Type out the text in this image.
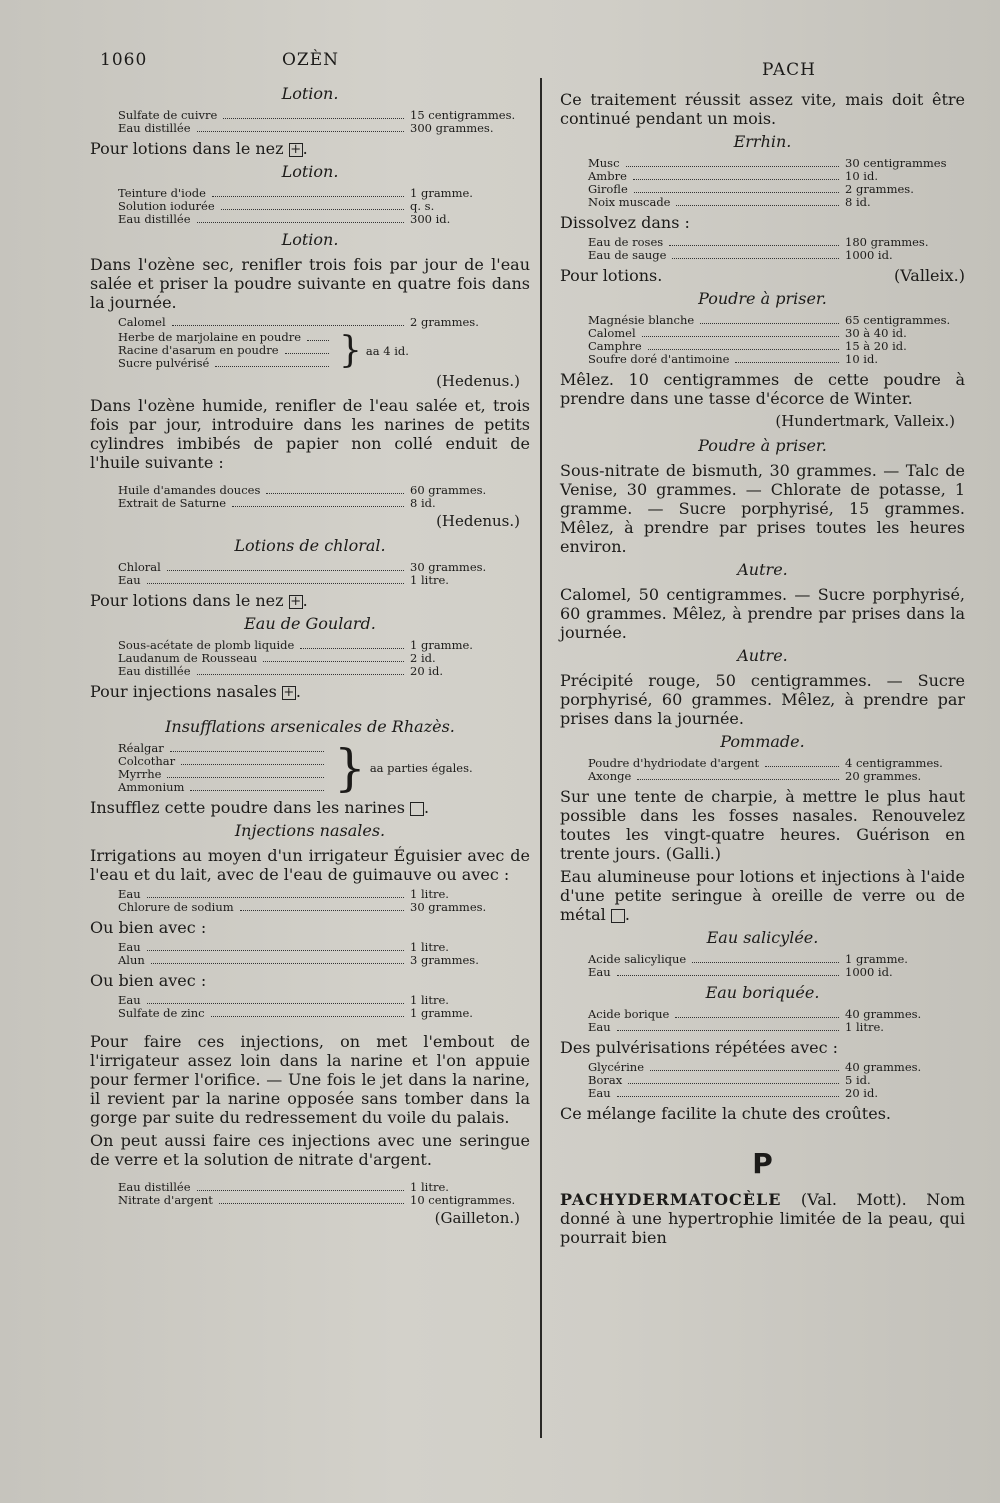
1060	OZÈN	PACH
Lotion.
Sulfate de cuivre	15 centigrammes.
Eau distillée	300 grammes.
Pour lotions dans le nez + .
Lotion.
Teinture d'iode	1 gramme.
Solution iodurée	q. s.
Eau distillée	300 id.
Lotion.
Dans l'ozène sec, renifler trois fois par jour de l'eau salée et priser la poudre suivante en quatre fois dans la journée.
Calomel	2 grammes.
Herbe de marjolaine en poudre
Racine d'asarum en poudre
Sucre pulvérisé	} aa 4 id.
(Hedenus.)
Dans l'ozène humide, renifler de l'eau salée et, trois fois par jour, introduire dans les narines de petits cylindres imbibés de papier non collé enduit de l'huile suivante :
Huile d'amandes douces	60 grammes.
Extrait de Saturne	8 id.
(Hedenus.)
Lotions de chloral.
Chloral	30 grammes.
Eau	1 litre.
Pour lotions dans le nez + .
Eau de Goulard.
Sous-acétate de plomb liquide	1 gramme.
Laudanum de Rousseau	2 id.
Eau distillée	20 id.
Pour injections nasales + .
Insufflations arsenicales de Rhazès.
Réalgar
Colcothar
Myrrhe
Ammonium	} aa parties égales.
Insufflez cette poudre dans les narines .
Injections nasales.
Irrigations au moyen d'un irrigateur Éguisier avec de l'eau et du lait, avec de l'eau de guimauve ou avec :
Eau	1 litre.
Chlorure de sodium	30 grammes.
Ou bien avec :
Eau	1 litre.
Alun	3 grammes.
Ou bien avec :
Eau	1 litre.
Sulfate de zinc	1 gramme.
Pour faire ces injections, on met l'embout de l'irrigateur assez loin dans la narine et l'on appuie pour fermer l'orifice. — Une fois le jet dans la narine, il revient par la narine opposée sans tomber dans la gorge par suite du redressement du voile du palais.
On peut aussi faire ces injections avec une seringue de verre et la solution de nitrate d'argent.
Eau distillée	1 litre.
Nitrate d'argent	10 centigrammes.
(Gailleton.)
Ce traitement réussit assez vite, mais doit être continué pendant un mois.
Errhin.
Musc	30 centigrammes
Ambre	10 id.
Girofle	2 grammes.
Noix muscade	8 id.
Dissolvez dans :
Eau de roses	180 grammes.
Eau de sauge	1000 id.
Pour lotions.	(Valleix.)
Poudre à priser.
Magnésie blanche	65 centigrammes.
Calomel	30 à 40 id.
Camphre	15 à 20 id.
Soufre doré d'antimoine	10 id.
Mêlez. 10 centigrammes de cette poudre à prendre dans une tasse d'écorce de Winter.
(Hundertmark, Valleix.)
Poudre à priser.
Sous-nitrate de bismuth, 30 grammes. — Talc de Venise, 30 grammes. — Chlorate de potasse, 1 gramme. — Sucre porphyrisé, 15 grammes. Mêlez, à prendre par prises toutes les heures environ.
Autre.
Calomel, 50 centigrammes. — Sucre porphyrisé, 60 grammes. Mêlez, à prendre par prises dans la journée.
Autre.
Précipité rouge, 50 centigrammes. — Sucre porphyrisé, 60 grammes. Mêlez, à prendre par prises dans la journée.
Pommade.
Poudre d'hydriodate d'argent	4 centigrammes.
Axonge	20 grammes.
Sur une tente de charpie, à mettre le plus haut possible dans les fosses nasales. Renouvelez toutes les vingt-quatre heures. Guérison en trente jours. (Galli.)
Eau alumineuse pour lotions et injections à l'aide d'une petite seringue à oreille de verre ou de métal .
Eau salicylée.
Acide salicylique	1 gramme.
Eau	1000 id.
Eau boriquée.
Acide borique	40 grammes.
Eau	1 litre.
Des pulvérisations répétées avec :
Glycérine	40 grammes.
Borax	5 id.
Eau	20 id.
Ce mélange facilite la chute des croûtes.
P
PACHYDERMATOCÈLE (Val. Mott). Nom donné à une hypertrophie limitée de la peau, qui pourrait bien
